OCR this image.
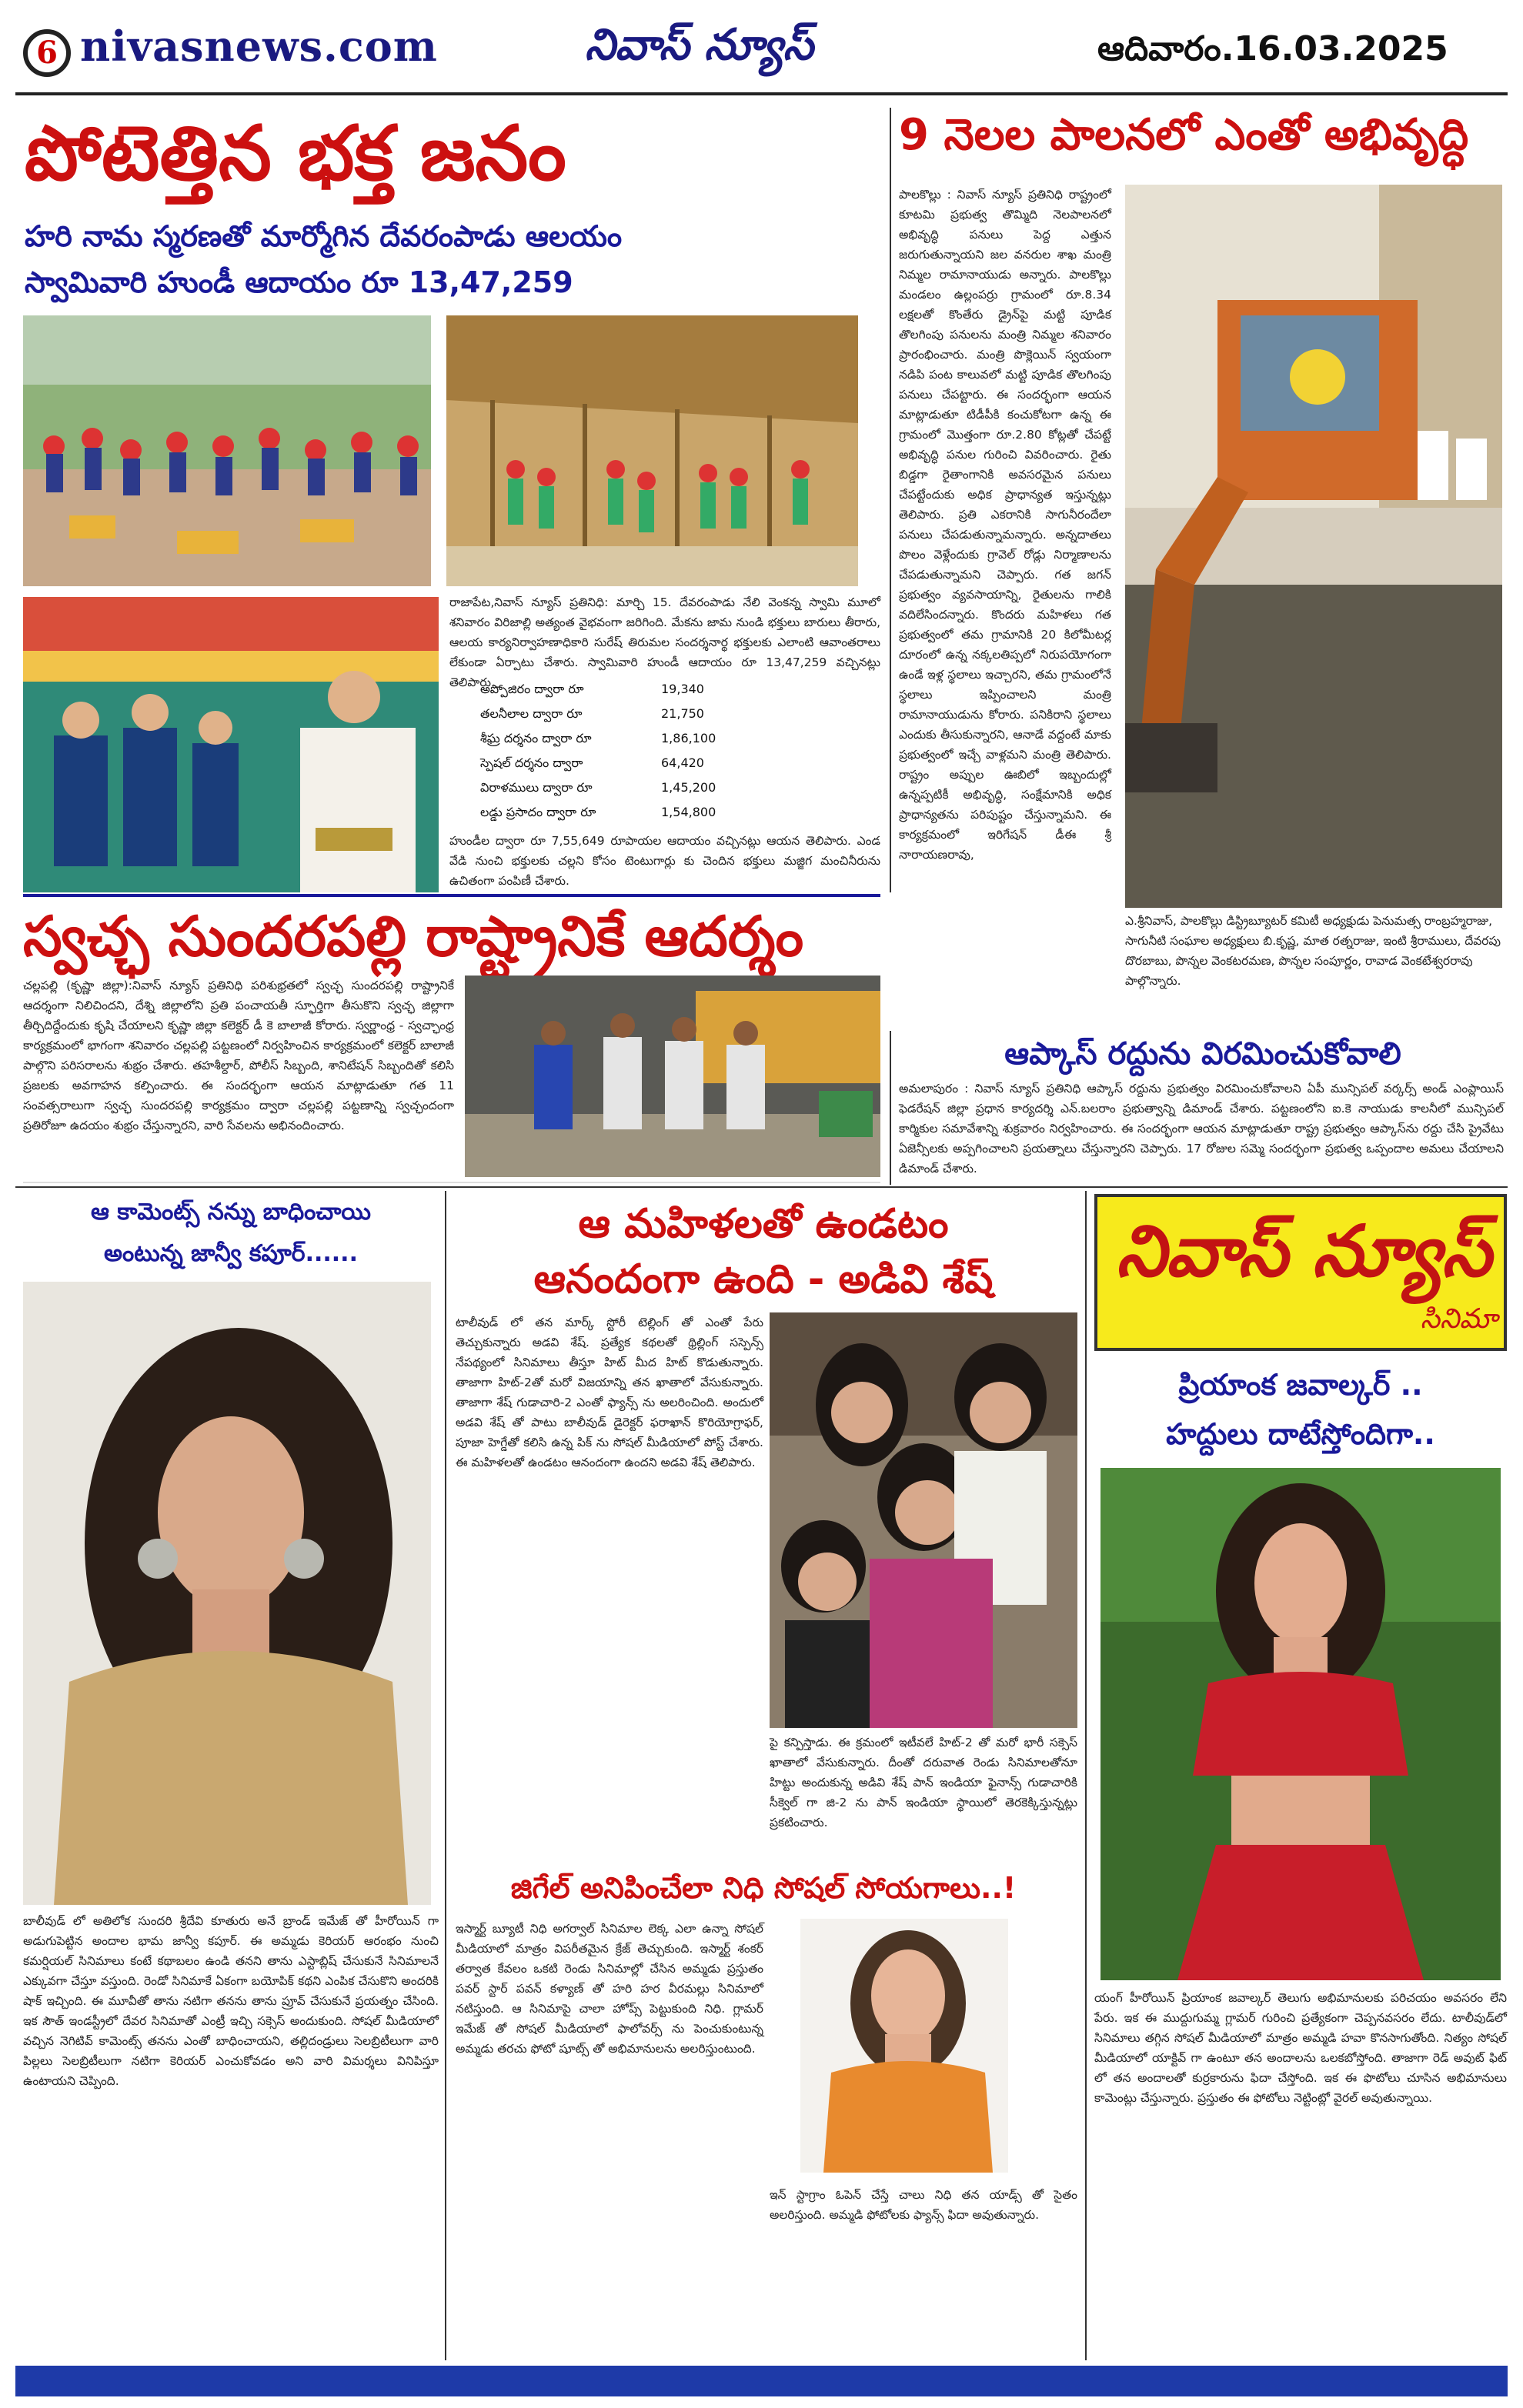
6 nivasnews.com	నివాస్ న్యూస్	ఆదివారం.16.03.2025
పోటెత్తిన భక్త జనం
హరి నామ స్మరణతో మార్మోగిన దేవరంపాడు ఆలయం
స్వామివారి హుండీ ఆదాయం రూ 13,47,259
రాజాపేట,నివాస్ న్యూస్ ప్రతినిధి: మార్చి 15. దేవరంపాడు నేలి వెంకన్న స్వామి మూలో శనివారం విరిజాల్లి అత్యంత వైభవంగా జరిగింది. మేకను జామ నుండి భక్తులు బారులు తీరారు, ఆలయ కార్యనిర్వాహణాధికారి సురేష్ తిరుమల సందర్శనార్థ భక్తులకు ఎలాంటి ఆవాంతరాలు లేకుండా ఏర్పాటు చేశారు. స్వామివారి హుండీ ఆదాయం రూ 13,47,259 వచ్చినట్లు తెలిపారు.
అప్పోజిరం ద్వారా రూ	19,340
తలనీలాల ద్వారా రూ	21,750
శీఘ్ర దర్శనం ద్వారా రూ	1,86,100
స్పెషల్ దర్శనం ద్వారా	64,420
విరాళములు ద్వారా రూ	1,45,200
లడ్డు ప్రసాదం ద్వారా రూ	1,54,800
హుండీల ద్వారా రూ 7,55,649 రూపాయల ఆదాయం వచ్చినట్లు ఆయన తెలిపారు. ఎండ వేడి నుంచి భక్తులకు చల్లని కోసం టెంటుగార్లు కు చెందిన భక్తులు మజ్జిగ మంచినీరును ఉచితంగా పంపిణీ చేశారు.
9 నెలల పాలనలో ఎంతో అభివృద్ధి
పాలకొల్లు : నివాస్ న్యూస్ ప్రతినిధి రాష్ట్రంలో కూటమి ప్రభుత్వ తొమ్మిది నెలపాలనలో అభివృద్ధి పనులు పెద్ద ఎత్తున జరుగుతున్నాయని జల వనరుల శాఖ మంత్రి నిమ్మల రామానాయుడు అన్నారు. పాలకొల్లు మండలం ఉల్లంపర్రు గ్రామంలో రూ.8.34 లక్షలతో కొంతేరు డ్రైన్‌పై మట్టి పూడిక తొలగింపు పనులను మంత్రి నిమ్మల శనివారం ప్రారంభించారు. మంత్రి పొక్లెయిన్ స్వయంగా నడిపి పంట కాలువలో మట్టి పూడిక తొలగింపు పనులు చేపట్టారు. ఈ సందర్భంగా ఆయన మాట్లాడుతూ టిడీపీకి కంచుకోటగా ఉన్న ఈ గ్రామంలో మొత్తంగా రూ.2.80 కోట్లతో చేపట్టే అభివృద్ధి పనుల గురించి వివరించారు. రైతు బిడ్డగా రైతాంగానికి అవసరమైన పనులు చేపట్టేందుకు అధిక ప్రాధాన్యత ఇస్తున్నట్లు తెలిపారు. ప్రతి ఎకరానికి సాగునీరందేలా పనులు చేపడుతున్నామన్నారు. అన్నదాతలు పొలం వెళ్లేందుకు గ్రావెల్ రోడ్లు నిర్మాణాలను చేపడుతున్నామని చెప్పారు. గత జగన్ ప్రభుత్వం వ్యవసాయాన్ని, రైతులను గాలికి వదిలేసిందన్నారు. కొందరు మహిళలు గత ప్రభుత్వంలో తమ గ్రామానికి 20 కిలోమీటర్ల దూరంలో ఉన్న నక్కలతిప్పలో నిరుపయోగంగా ఉండే ఇళ్ల స్థలాలు ఇచ్చారని, తమ గ్రామంలోనే స్థలాలు ఇప్పించాలని మంత్రి రామానాయుడును కోరారు. పనికిరాని స్థలాలు ఎందుకు తీసుకున్నారని, ఆనాడే వద్దంటే మాకు ప్రభుత్వంలో ఇచ్చే వాళ్లమని మంత్రి తెలిపారు. రాష్ట్రం అప్పుల ఊబిలో ఇబ్బందుల్లో ఉన్నప్పటికీ అభివృద్ధి, సంక్షేమానికి అధిక ప్రాధాన్యతను పరిపుష్టం చేస్తున్నామని. ఈ కార్యక్రమంలో ఇరిగేషన్ డీఈ శ్రీ నారాయణరావు,
ఎ.శ్రీనివాస్, పాలకొల్లు డిస్ట్రిబ్యూటర్ కమిటీ అధ్యక్షుడు పెనుమత్స రాంబ్రహ్మరాజు, సాగునీటి సంఘాల అధ్యక్షులు బి.కృష్ణ, మాత రత్నరాజు, ఇంటి శ్రీరాములు, దేవరపు దొరబాబు, పొన్నల వెంకటరమణ, పొన్నల సంపూర్ణం, రావాడ వెంకటేశ్వరరావు పాల్గొన్నారు.
స్వచ్ఛ సుందరపల్లి రాష్ట్రానికే ఆదర్శం
చల్లపల్లి (కృష్ణా జిల్లా):నివాస్ న్యూస్ ప్రతినిధి పరిశుభ్రతలో స్వచ్ఛ సుందరపల్లి రాష్ట్రానికే ఆదర్శంగా నిలిచిందని, దేశ్ని జిల్లాలోని ప్రతి పంచాయతీ స్ఫూర్తిగా తీసుకొని స్వచ్ఛ జిల్లాగా తీర్చిదిద్దేందుకు కృషి చేయాలని కృష్ణా జిల్లా కలెక్టర్ డీ కె బాలాజీ కోరారు. స్వర్ణాంధ్ర - స్వచ్ఛాంధ్ర కార్యక్రమంలో భాగంగా శనివారం చల్లపల్లి పట్టణంలో నిర్వహించిన కార్యక్రమంలో కలెక్టర్ బాలాజీ పాల్గొని పరిసరాలను శుభ్రం చేశారు. తహశీల్దార్, పోలీస్ సిబ్బంది, శానిటేషన్ సిబ్బందితో కలిసి ప్రజలకు అవగాహన కల్పించారు. ఈ సందర్భంగా ఆయన మాట్లాడుతూ గత 11 సంవత్సరాలుగా స్వచ్ఛ సుందరపల్లి కార్యక్రమం ద్వారా చల్లపల్లి పట్టణాన్ని స్వచ్ఛందంగా ప్రతిరోజూ ఉదయం శుభ్రం చేస్తున్నారని, వారి సేవలను అభినందించారు.
ఆప్కాస్ రద్దును విరమించుకోవాలి
అమలాపురం : నివాస్ న్యూస్ ప్రతినిధి ఆప్కాస్ రద్దును ప్రభుత్వం విరమించుకోవాలని ఏపీ మున్సిపల్ వర్కర్స్ అండ్ ఎంప్లాయిస్ ఫెడరేషన్ జిల్లా ప్రధాన కార్యదర్శి ఎన్.బలరాం ప్రభుత్వాన్ని డిమాండ్ చేశారు. పట్టణంలోని ఐ.కె నాయుడు కాలనీలో మున్సిపల్ కార్మికుల సమావేశాన్ని శుక్రవారం నిర్వహించారు. ఈ సందర్భంగా ఆయన మాట్లాడుతూ రాష్ట్ర ప్రభుత్వం ఆప్కాస్‌ను రద్దు చేసి ప్రైవేటు ఏజెన్సీలకు అప్పగించాలని ప్రయత్నాలు చేస్తున్నారని చెప్పారు. 17 రోజుల సమ్మె సందర్భంగా ప్రభుత్వ ఒప్పందాల అమలు చేయాలని డిమాండ్ చేశారు.
ఆ కామెంట్స్ నన్ను బాధించాయి
అంటున్న జాన్వీ కపూర్......
బాలీవుడ్ లో అతిలోక సుందరి శ్రీదేవి కూతురు అనే బ్రాండ్ ఇమేజ్ తో హీరోయిన్ గా అడుగుపెట్టిన అందాల భామ జాన్వీ కపూర్. ఈ అమ్మడు కెరియర్ ఆరంభం నుంచి కమర్షియల్ సినిమాలు కంటే కథాబలం ఉండి తనని తాను ఎస్టాబ్లిష్ చేసుకునే సినిమాలనే ఎక్కువగా చేస్తూ వస్తుంది. రెండో సినిమాకే ఏకంగా బయోపిక్ కథని ఎంపిక చేసుకొని అందరికి షాక్ ఇచ్చింది. ఈ మూవీతో తాను నటిగా తనను తాను ప్రూవ్ చేసుకునే ప్రయత్నం చేసింది. ఇక సౌత్ ఇండస్ట్రీలో దేవర సినిమాతో ఎంట్రీ ఇచ్చి సక్సెస్ అందుకుంది. సోషల్ మీడియాలో వచ్చిన నెగిటివ్ కామెంట్స్ తనను ఎంతో బాధించాయని, తల్లిదండ్రులు సెలబ్రిటీలుగా వారి పిల్లలు సెలబ్రిటీలుగా నటిగా కెరియర్ ఎంచుకోవడం అని వారి విమర్శలు వినిపిస్తూ ఉంటాయని చెప్పింది.
ఆ మహిళలతో ఉండటం
ఆనందంగా ఉంది - అడివి శేష్
టాలీవుడ్ లో తన మార్క్ స్టోరీ టెల్లింగ్ తో ఎంతో పేరు తెచ్చుకున్నారు అడవి శేష్. ప్రత్యేక కథలతో థ్రిల్లింగ్ సస్పెన్స్ నేపథ్యంలో సినిమాలు తీస్తూ హిట్ మీద హిట్ కొడుతున్నారు. తాజాగా హిట్-2తో మరో విజయాన్ని తన ఖాతాలో వేసుకున్నారు. తాజాగా శేష్ గుడాచారి-2 ఎంతో ఫ్యాన్స్ ను అలరించింది. అందులో అడవి శేష్ తో పాటు బాలీవుడ్ డైరెక్టర్ ఫరాఖాన్ కొరియోగ్రాఫర్, పూజా హెగ్డేతో కలిసి ఉన్న పిక్ ను సోషల్ మీడియాలో పోస్ట్ చేశారు. ఈ మహిళలతో ఉండటం ఆనందంగా ఉందని అడవి శేష్ తెలిపారు.
పై కన్పిస్తాడు. ఈ క్రమంలో ఇటీవలే హిట్-2 తో మరో భారీ సక్సెస్ ఖాతాలో వేసుకున్నారు. దీంతో దరువాత రెండు సినిమాలతోనూ హిట్టు అందుకున్న అడివి శేష్ పాన్ ఇండియా ఫైనాన్స్ గుడాచారికి సీక్వెల్ గా జి-2 ను పాన్ ఇండియా స్థాయిలో తెరకెక్కిస్తున్నట్లు ప్రకటించారు.
జిగేల్ అనిపించేలా నిధి సోషల్ సోయగాలు..!
ఇస్మార్ట్ బ్యూటీ నిధి అగర్వాల్ సినిమాల లెక్క ఎలా ఉన్నా సోషల్ మీడియాలో మాత్రం విపరీతమైన క్రేజ్ తెచ్చుకుంది. ఇస్మార్ట్ శంకర్ తర్వాత కేవలం ఒకటి రెండు సినిమాల్లో చేసిన అమ్మడు ప్రస్తుతం పవర్ స్టార్ పవన్ కళ్యాణ్ తో హరి హర వీరమల్లు సినిమాలో నటిస్తుంది. ఆ సినిమాపై చాలా హోప్స్ పెట్టుకుంది నిధి. గ్లామర్ ఇమేజ్ తో సోషల్ మీడియాలో ఫాలోవర్స్ ను పెంచుకుంటున్న అమ్మడు తరచు ఫోటో షూట్స్ తో అభిమానులను అలరిస్తుంటుంది.
ఇన్ స్టాగ్రాం ఓపెన్ చేస్తే చాలు నిధి తన యాడ్స్ తో సైతం అలరిస్తుంది. అమ్మడి ఫోటోలకు ఫ్యాన్స్ ఫిదా అవుతున్నారు.
నివాస్ న్యూస్
సినిమా
ప్రియాంక జవాల్కర్ ..
హద్దులు దాటేస్తోందిగా..
యంగ్ హీరోయిన్ ప్రియాంక జవాల్కర్ తెలుగు అభిమానులకు పరిచయం అవసరం లేని పేరు. ఇక ఈ ముద్దుగుమ్మ గ్లామర్ గురించి ప్రత్యేకంగా చెప్పనవసరం లేదు. టాలీవుడ్‌లో సినిమాలు తగ్గిన సోషల్ మీడియాలో మాత్రం అమ్మడి హవా కొనసాగుతోంది. నిత్యం సోషల్ మీడియాలో యాక్టివ్ గా ఉంటూ తన అందాలను ఒలకబోస్తోంది. తాజాగా రెడ్ అవుట్ ఫిట్ లో తన అందాలతో కుర్రకారును ఫిదా చేస్తోంది. ఇక ఈ ఫొటోలు చూసిన అభిమానులు కామెంట్లు చేస్తున్నారు. ప్రస్తుతం ఈ ఫోటోలు నెట్టింట్లో వైరల్ అవుతున్నాయి.
